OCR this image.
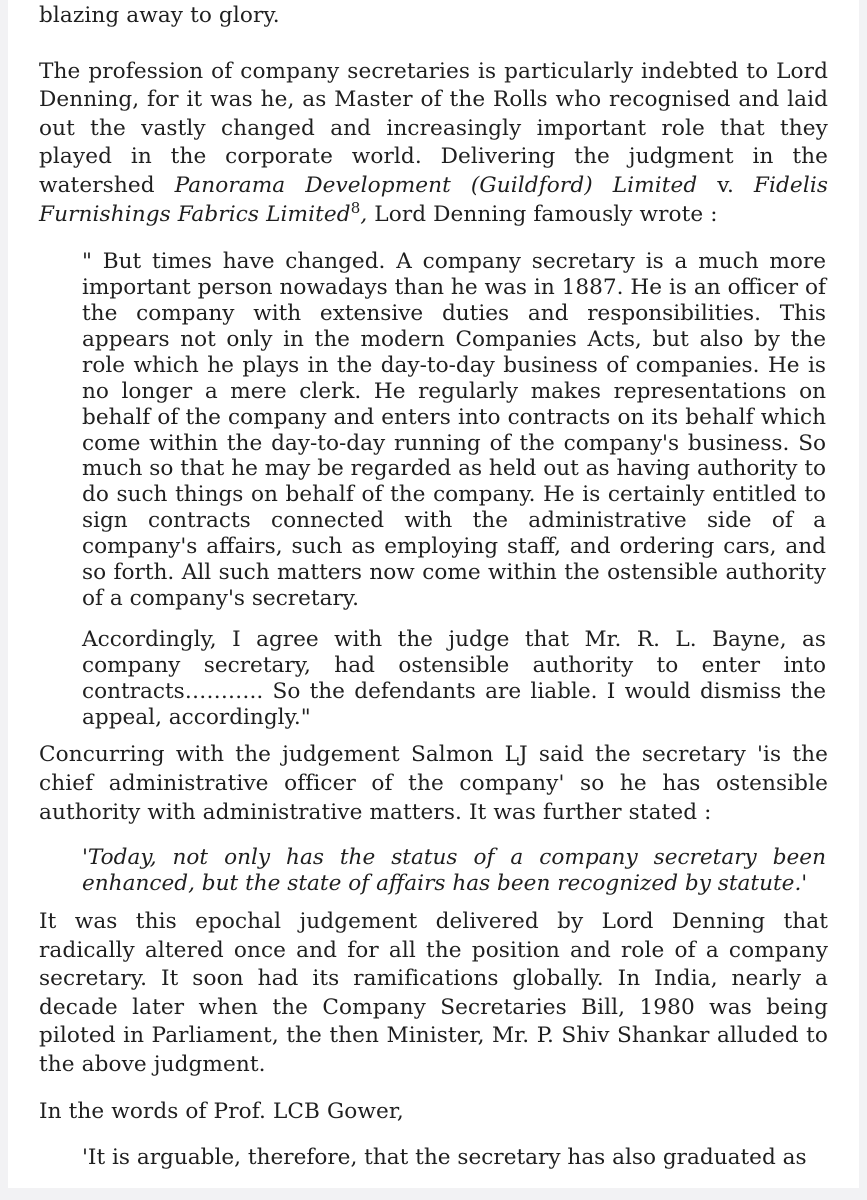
blazing away to glory.

The profession of company secretaries is particularly indebted to Lord Denning, for it was he, as Master of the Rolls who recognised and laid out the vastly changed and increasingly important role that they played in the corporate world. Delivering the judgment in the watershed Panorama Development (Guildford) Limited v. Fidelis Furnishings Fabrics Limited$^8$, Lord Denning famously wrote :

" But times have changed. A company secretary is a much more important person nowadays than he was in 1887. He is an officer of the company with extensive duties and responsibilities. This appears not only in the modern Companies Acts, but also by the role which he plays in the day-to-day business of companies. He is no longer a mere clerk. He regularly makes representations on behalf of the company and enters into contracts on its behalf which come within the day-to-day running of the company's business. So much so that he may be regarded as held out as having authority to do such things on behalf of the company. He is certainly entitled to sign contracts connected with the administrative side of a company's affairs, such as employing staff, and ordering cars, and so forth. All such matters now come within the ostensible authority of a company's secretary.

Accordingly, I agree with the judge that Mr. R. L. Bayne, as company secretary, had ostensible authority to enter into contracts……….. So the defendants are liable. I would dismiss the appeal, accordingly."

Concurring with the judgement Salmon LJ said the secretary 'is the chief administrative officer of the company' so he has ostensible authority with administrative matters. It was further stated :

'Today, not only has the status of a company secretary been enhanced, but the state of affairs has been recognized by statute.'

It was this epochal judgement delivered by Lord Denning that radically altered once and for all the position and role of a company secretary. It soon had its ramifications globally. In India, nearly a decade later when the Company Secretaries Bill, 1980 was being piloted in Parliament, the then Minister, Mr. P. Shiv Shankar alluded to the above judgment.

In the words of Prof. LCB Gower,

'It is arguable, therefore, that the secretary has also graduated as
